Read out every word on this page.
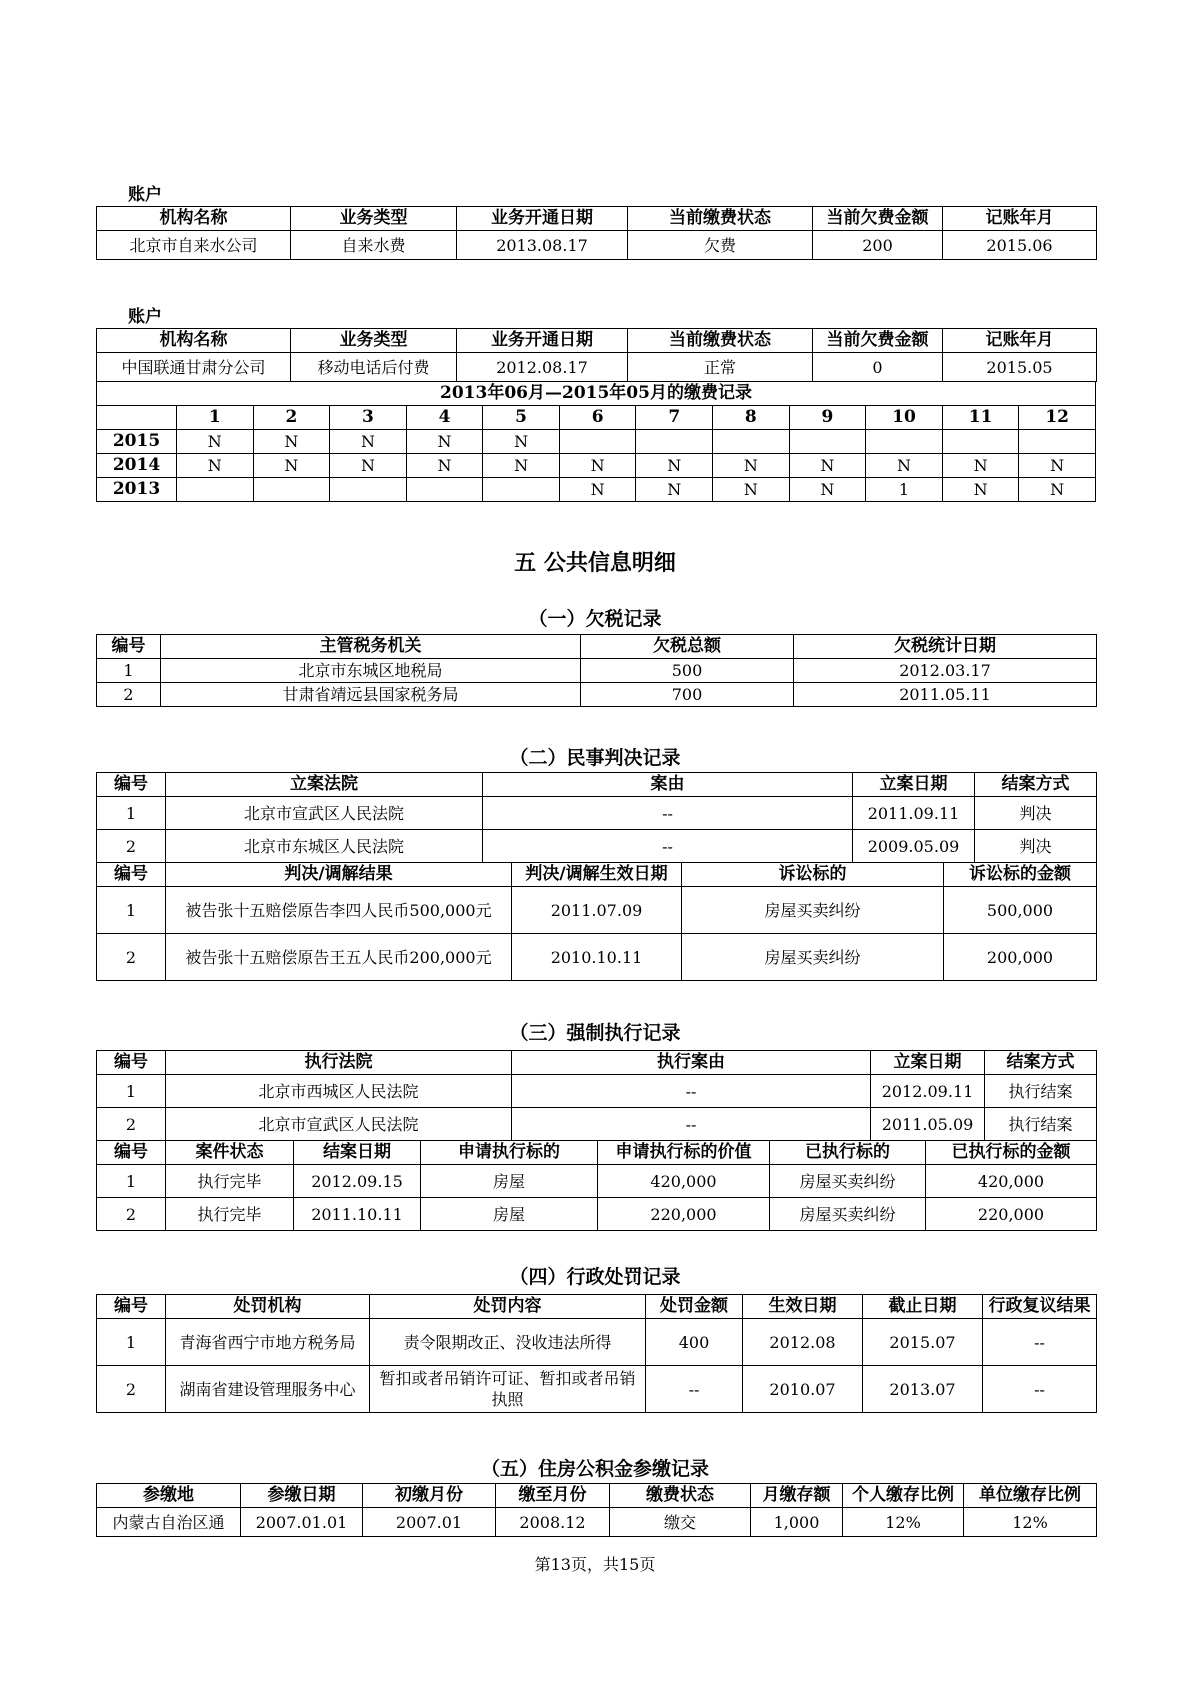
账户
机构名称	业务类型	业务开通日期	当前缴费状态	当前欠费金额	记账年月
北京市自来水公司	自来水费	2013.08.17	欠费	200	2015.06
账户
机构名称	业务类型	业务开通日期	当前缴费状态	当前欠费金额	记账年月
中国联通甘肃分公司	移动电话后付费	2012.08.17	正常	0	2015.05
2013年06月—2015年05月的缴费记录												
	1	2	3	4	5	6	7	8	9	10	11	12
2015	N	N	N	N	N							
2014	N	N	N	N	N	N	N	N	N	N	N	N
2013						N	N	N	N	1	N	N
五 公共信息明细
（一）欠税记录
编号	主管税务机关	欠税总额	欠税统计日期
1	北京市东城区地税局	500	2012.03.17
2	甘肃省靖远县国家税务局	700	2011.05.11
（二）民事判决记录
编号	立案法院	案由	立案日期	结案方式
1	北京市宣武区人民法院	--	2011.09.11	判决
2	北京市东城区人民法院	--	2009.05.09	判决
编号	判决/调解结果	判决/调解生效日期	诉讼标的	诉讼标的金额
1	被告张十五赔偿原告李四人民币500,000元	2011.07.09	房屋买卖纠纷	500,000
2	被告张十五赔偿原告王五人民币200,000元	2010.10.11	房屋买卖纠纷	200,000
（三）强制执行记录
编号	执行法院	执行案由	立案日期	结案方式
1	北京市西城区人民法院	--	2012.09.11	执行结案
2	北京市宣武区人民法院	--	2011.05.09	执行结案
编号	案件状态	结案日期	申请执行标的	申请执行标的价值	已执行标的	已执行标的金额
1	执行完毕	2012.09.15	房屋	420,000	房屋买卖纠纷	420,000
2	执行完毕	2011.10.11	房屋	220,000	房屋买卖纠纷	220,000
（四）行政处罚记录
编号	处罚机构	处罚内容	处罚金额	生效日期	截止日期	行政复议结果
1	青海省西宁市地方税务局	责令限期改正、没收违法所得	400	2012.08	2015.07	--
2	湖南省建设管理服务中心	暂扣或者吊销许可证、暂扣或者吊销执照	--	2010.07	2013.07	--
（五）住房公积金参缴记录
参缴地	参缴日期	初缴月份	缴至月份	缴费状态	月缴存额	个人缴存比例	单位缴存比例
内蒙古自治区通	2007.01.01	2007.01	2008.12	缴交	1,000	12%	12%
第13页，共15页
